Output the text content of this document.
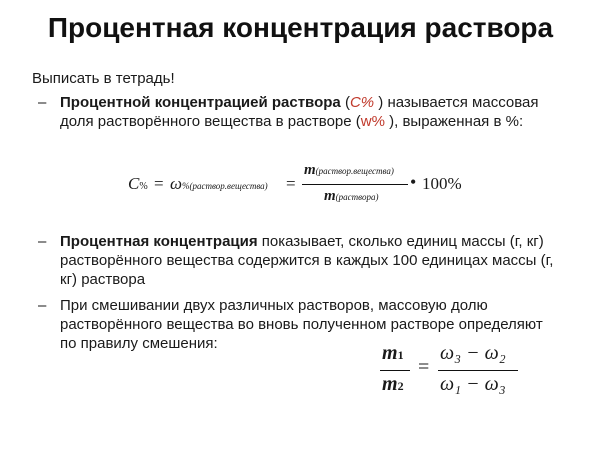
Процентная концентрация раствора
Выписать в тетрадь!
– Процентной концентрацией раствора (С% ) называется массовая доля растворённого вещества в растворе (w% ), выраженная в %:
C% = ω%(раствор.вещества) =
m(раствор.вещества)
m(раствора)
• 100%
– Процентная концентрация показывает, сколько единиц массы (г, кг) растворённого вещества содержится в каждых 100 единицах массы (г, кг) раствора
– При смешивании двух различных растворов, массовую долю растворённого вещества во вновь полученном растворе определяют по правилу смешения:	m1
m2
=
ω₃ − ω₂
ω₁ − ω₃
